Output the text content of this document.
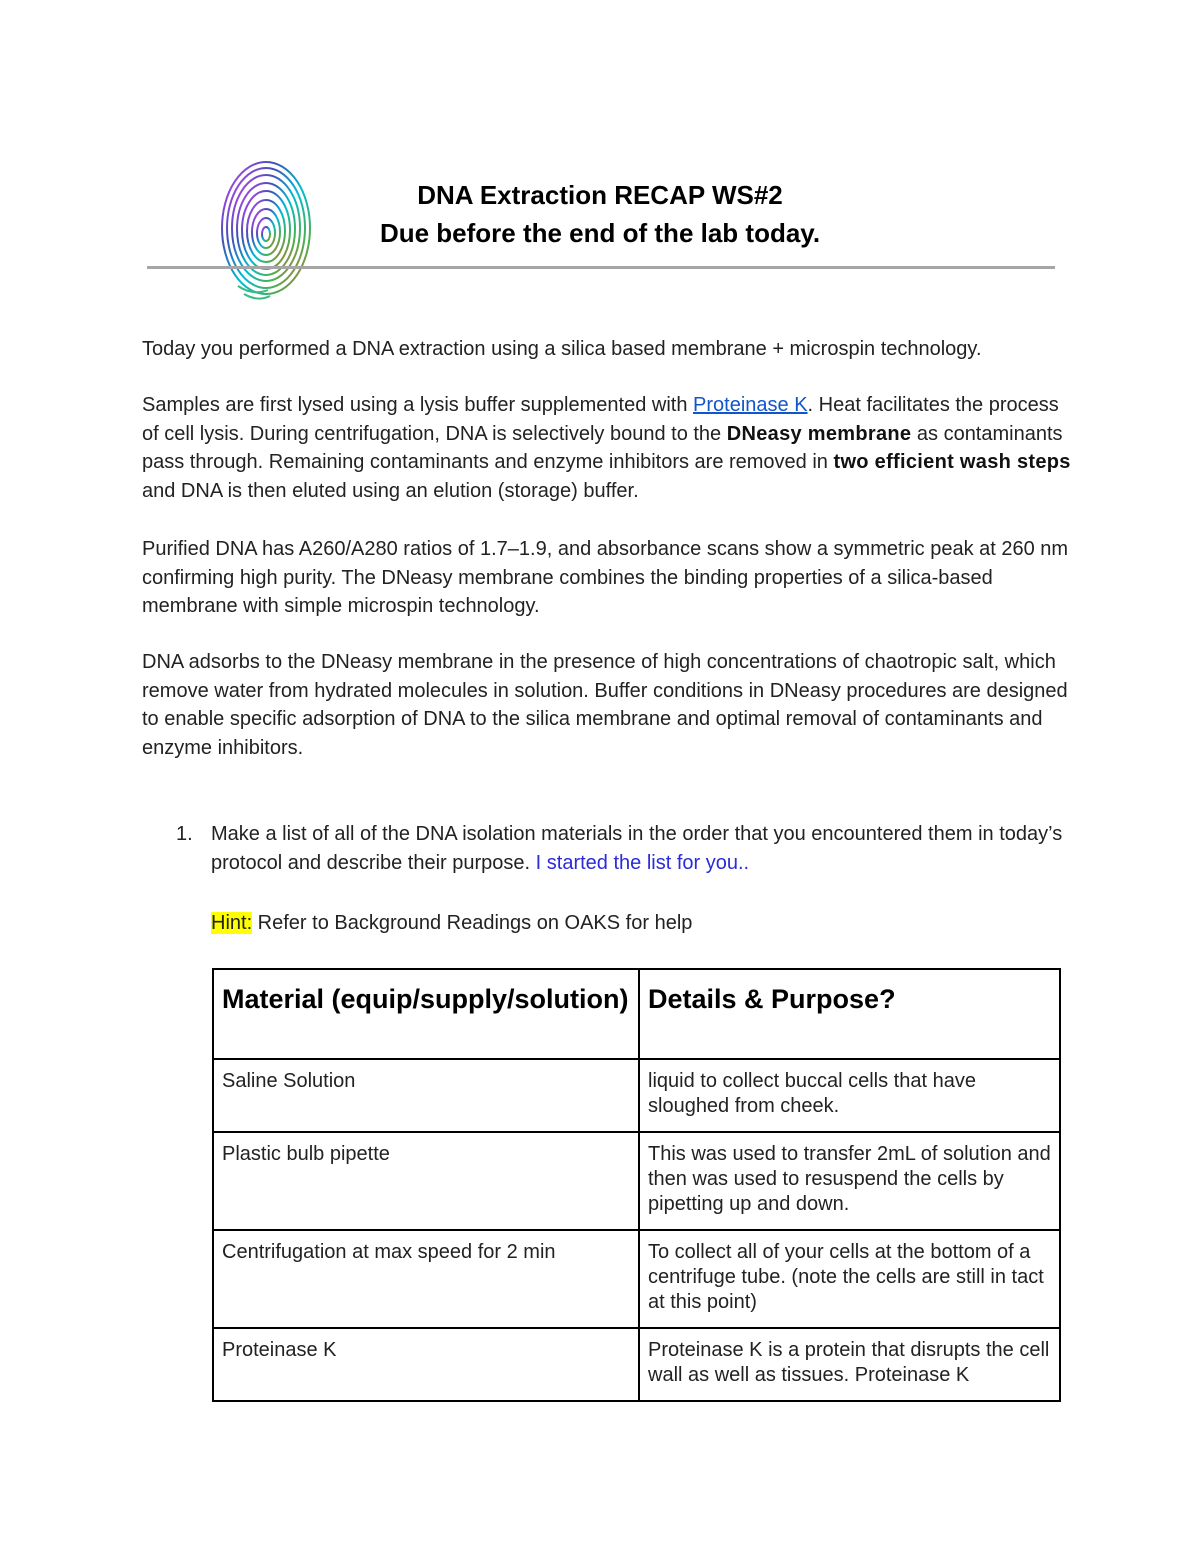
DNA Extraction RECAP WS#2
Due before the end of the lab today.

Today you performed a DNA extraction using a silica based membrane + microspin technology.

Samples are first lysed using a lysis buffer supplemented with Proteinase K. Heat facilitates the process of cell lysis. During centrifugation, DNA is selectively bound to the DNeasy membrane as contaminants pass through. Remaining contaminants and enzyme inhibitors are removed in two efficient wash steps and DNA is then eluted using an elution (storage) buffer.

Purified DNA has A260/A280 ratios of 1.7–1.9, and absorbance scans show a symmetric peak at 260 nm confirming high purity. The DNeasy membrane combines the binding properties of a silica-based membrane with simple microspin technology.

DNA adsorbs to the DNeasy membrane in the presence of high concentrations of chaotropic salt, which remove water from hydrated molecules in solution. Buffer conditions in DNeasy procedures are designed to enable specific adsorption of DNA to the silica membrane and optimal removal of contaminants and enzyme inhibitors.

1. Make a list of all of the DNA isolation materials in the order that you encountered them in today’s protocol and describe their purpose. I started the list for you..
Hint: Refer to Background Readings on OAKS for help
Material (equip/supply/solution)	Details & Purpose?
Saline Solution	liquid to collect buccal cells that have sloughed from cheek.
Plastic bulb pipette	This was used to transfer 2mL of solution and then was used to resuspend the cells by pipetting up and down.
Centrifugation at max speed for 2 min	To collect all of your cells at the bottom of a centrifuge tube. (note the cells are still in tact at this point)
Proteinase K	Proteinase K is a protein that disrupts the cell wall as well as tissues. Proteinase K
